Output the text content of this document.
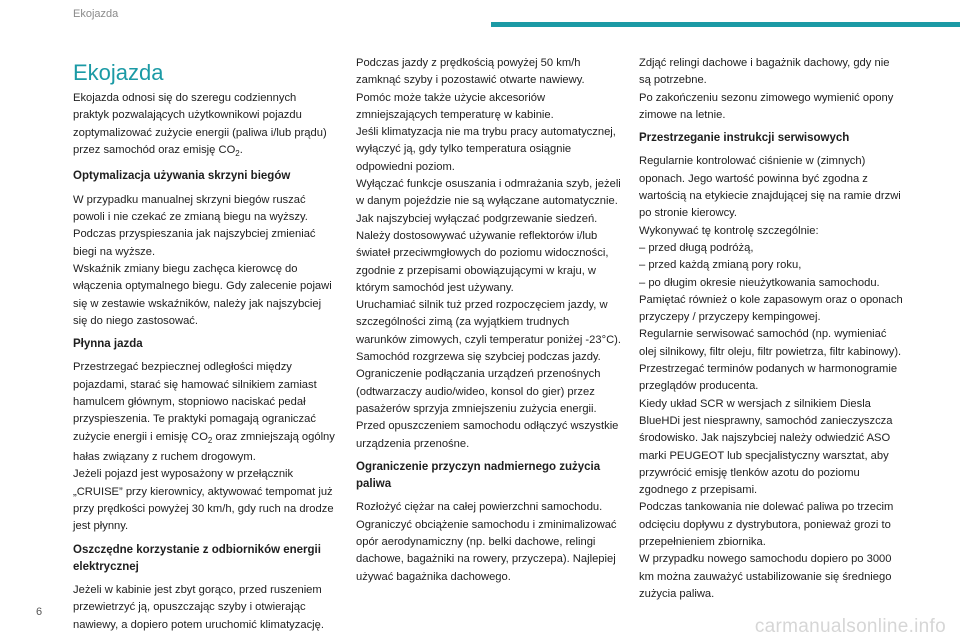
Ekojazda
Ekojazda

Ekojazda odnosi się do szeregu codziennych praktyk pozwalających użytkownikowi pojazdu zoptymalizować zużycie energii (paliwa i/lub prądu) przez samochód oraz emisję $CO_2$.

Optymalizacja używania skrzyni biegów

W przypadku manualnej skrzyni biegów ruszać powoli i nie czekać ze zmianą biegu na wyższy. Podczas przyspieszania jak najszybciej zmieniać biegi na wyższe.

Wskaźnik zmiany biegu zachęca kierowcę do włączenia optymalnego biegu. Gdy zalecenie pojawi się w zestawie wskaźników, należy jak najszybciej się do niego zastosować.

Płynna jazda

Przestrzegać bezpiecznej odległości między pojazdami, starać się hamować silnikiem zamiast hamulcem głównym, stopniowo naciskać pedał przyspieszenia. Te praktyki pomagają ograniczać zużycie energii i emisję $CO_2$ oraz zmniejszają ogólny hałas związany z ruchem drogowym.

Jeżeli pojazd jest wyposażony w przełącznik „CRUISE” przy kierownicy, aktywować tempomat już przy prędkości powyżej 30 km/h, gdy ruch na drodze jest płynny.

Oszczędne korzystanie z odbiorników energii elektrycznej

Jeżeli w kabinie jest zbyt gorąco, przed ruszeniem przewietrzyć ją, opuszczając szyby i otwierając nawiewy, a dopiero potem uruchomić klimatyzację.

Podczas jazdy z prędkością powyżej 50 km/h zamknąć szyby i pozostawić otwarte nawiewy.

Pomóc może także użycie akcesoriów zmniejszających temperaturę w kabinie.

Jeśli klimatyzacja nie ma trybu pracy automatycznej, wyłączyć ją, gdy tylko temperatura osiągnie odpowiedni poziom.

Wyłączać funkcje osuszania i odmrażania szyb, jeżeli w danym pojeździe nie są wyłączane automatycznie.

Jak najszybciej wyłączać podgrzewanie siedzeń.

Należy dostosowywać używanie reflektorów i/lub świateł przeciwmgłowych do poziomu widoczności, zgodnie z przepisami obowiązującymi w kraju, w którym samochód jest używany.

Uruchamiać silnik tuż przed rozpoczęciem jazdy, w szczególności zimą (za wyjątkiem trudnych warunków zimowych, czyli temperatur poniżej -23°C). Samochód rozgrzewa się szybciej podczas jazdy.

Ograniczenie podłączania urządzeń przenośnych (odtwarzaczy audio/wideo, konsol do gier) przez pasażerów sprzyja zmniejszeniu zużycia energii.

Przed opuszczeniem samochodu odłączyć wszystkie urządzenia przenośne.

Ograniczenie przyczyn nadmiernego zużycia paliwa

Rozłożyć ciężar na całej powierzchni samochodu. Ograniczyć obciążenie samochodu i zminimalizować opór aerodynamiczny (np. belki dachowe, relingi dachowe, bagażniki na rowery, przyczepa). Najlepiej używać bagażnika dachowego.

Zdjąć relingi dachowe i bagażnik dachowy, gdy nie są potrzebne.

Po zakończeniu sezonu zimowego wymienić opony zimowe na letnie.

Przestrzeganie instrukcji serwisowych

Regularnie kontrolować ciśnienie w (zimnych) oponach. Jego wartość powinna być zgodna z wartością na etykiecie znajdującej się na ramie drzwi po stronie kierowcy.

Wykonywać tę kontrolę szczególnie:

– przed długą podróżą,

– przed każdą zmianą pory roku,

– po długim okresie nieużytkowania samochodu.

Pamiętać również o kole zapasowym oraz o oponach przyczepy / przyczepy kempingowej.

Regularnie serwisować samochód (np. wymieniać olej silnikowy, filtr oleju, filtr powietrza, filtr kabinowy). Przestrzegać terminów podanych w harmonogramie przeglądów producenta.

Kiedy układ SCR w wersjach z silnikiem Diesla BlueHDi jest niesprawny, samochód zanieczyszcza środowisko. Jak najszybciej należy odwiedzić ASO marki PEUGEOT lub specjalistyczny warsztat, aby przywrócić emisję tlenków azotu do poziomu zgodnego z przepisami.

Podczas tankowania nie dolewać paliwa po trzecim odcięciu dopływu z dystrybutora, ponieważ grozi to przepełnieniem zbiornika.

W przypadku nowego samochodu dopiero po 3000 km można zauważyć ustabilizowanie się średniego zużycia paliwa.

6
carmanualsonline.info
